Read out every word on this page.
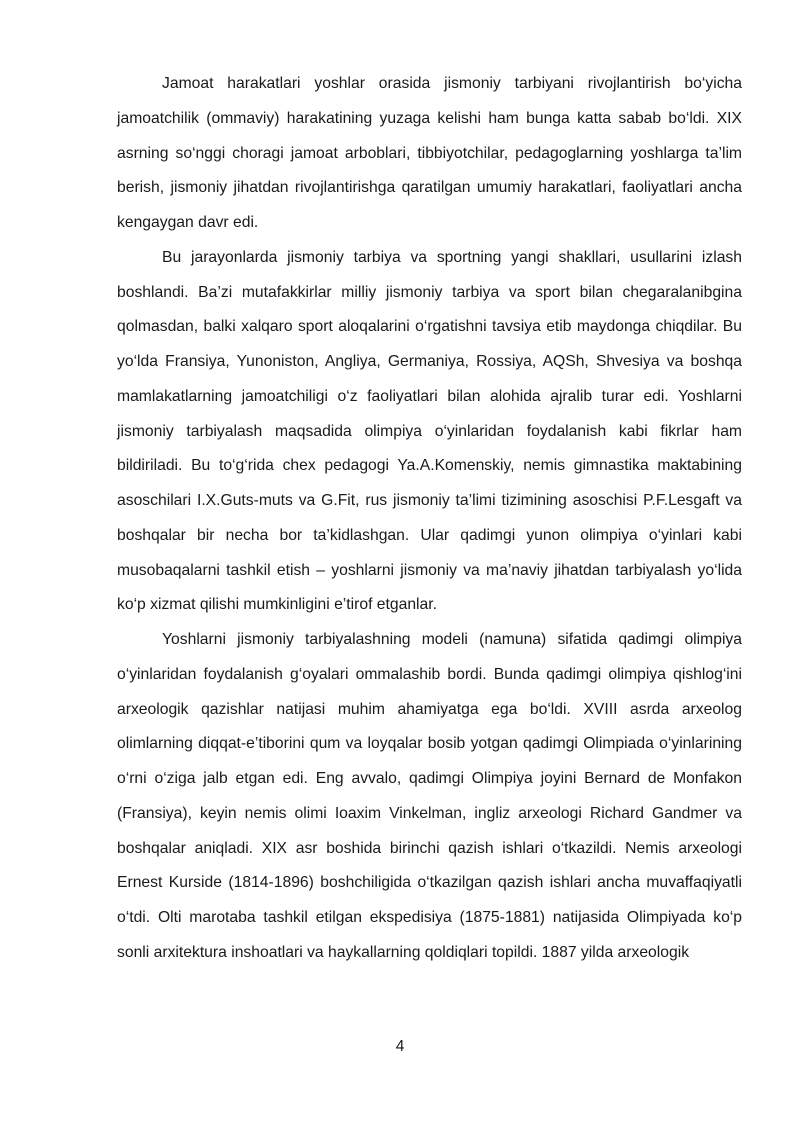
Jamoat harakatlari yoshlar orasida jismoniy tarbiyani rivojlantirish bo‘yicha jamoatchilik (ommaviy) harakatining yuzaga kelishi ham bunga katta sabab bo‘ldi. XIX asrning so‘nggi choragi jamoat arboblari, tibbiyotchilar, pedagoglarning yoshlarga ta’lim berish, jismoniy jihatdan rivojlantirishga qaratilgan umumiy harakatlari, faoliyatlari ancha kengaygan davr edi.

Bu jarayonlarda jismoniy tarbiya va sportning yangi shakllari, usullarini izlash boshlandi. Ba’zi mutafakkirlar milliy jismoniy tarbiya va sport bilan chegaralanibgina qolmasdan, balki xalqaro sport aloqalarini o‘rgatishni tavsiya etib maydonga chiqdilar. Bu yo‘lda Fransiya, Yunoniston, Angliya, Germaniya, Rossiya, AQSh, Shvesiya va boshqa mamlakatlarning jamoatchiligi o‘z faoliyatlari bilan alohida ajralib turar edi. Yoshlarni jismoniy tarbiyalash maqsadida olimpiya o‘yinlaridan foydalanish kabi fikrlar ham bildiriladi. Bu to‘g‘rida chex pedagogi Ya.A.Komenskiy, nemis gimnastika maktabining asoschilari I.X.Guts-muts va G.Fit, rus jismoniy ta’limi tizimining asoschisi P.F.Lesgaft va boshqalar bir necha bor ta’kidlashgan. Ular qadimgi yunon olimpiya o‘yinlari kabi musobaqalarni tashkil etish – yoshlarni jismoniy va ma’naviy jihatdan tarbiyalash yo‘lida ko‘p xizmat qilishi mumkinligini e’tirof etganlar.

Yoshlarni jismoniy tarbiyalashning modeli (namuna) sifatida qadimgi olimpiya o‘yinlaridan foydalanish g‘oyalari ommalashib bordi. Bunda qadimgi olimpiya qishlog‘ini arxeologik qazishlar natijasi muhim ahamiyatga ega bo‘ldi. XVIII asrda arxeolog olimlarning diqqat-e’tiborini qum va loyqalar bosib yotgan qadimgi Olimpiada o‘yinlarining o‘rni o‘ziga jalb etgan edi. Eng avvalo, qadimgi Olimpiya joyini Bernard de Monfakon (Fransiya), keyin nemis olimi Ioaxim Vinkelman, ingliz arxeologi Richard Gandmer va boshqalar aniqladi. XIX asr boshida birinchi qazish ishlari o‘tkazildi. Nemis arxeologi Ernest Kurside (1814-1896) boshchiligida o‘tkazilgan qazish ishlari ancha muvaffaqiyatli o‘tdi. Olti marotaba tashkil etilgan ekspedisiya (1875-1881) natijasida Olimpiyada ko‘p sonli arxitektura inshoatlari va haykallarning qoldiqlari topildi. 1887 yilda arxeologik

4
